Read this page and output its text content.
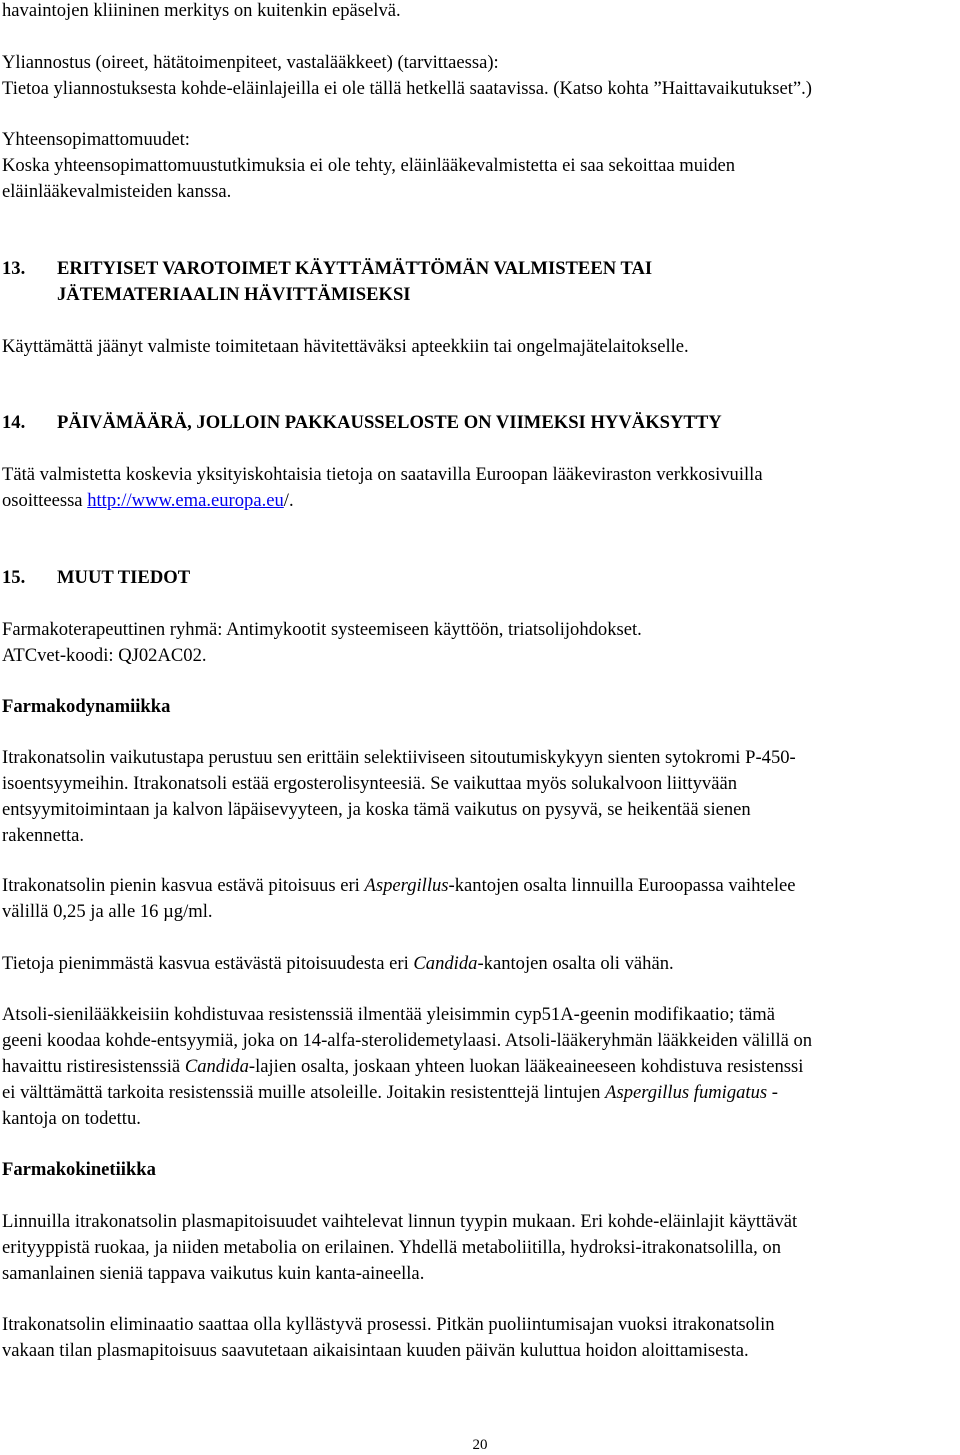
havaintojen kliininen merkitys on kuitenkin epäselvä.

Yliannostus (oireet, hätätoimenpiteet, vastalääkkeet) (tarvittaessa):

Tietoa yliannostuksesta kohde-eläinlajeilla ei ole tällä hetkellä saatavissa. (Katso kohta ”Haittavaikutukset”.)

Yhteensopimattomuudet:

Koska yhteensopimattomuustutkimuksia ei ole tehty, eläinlääkevalmistetta ei saa sekoittaa muiden

eläinlääkevalmisteiden kanssa.

13.	ERITYISET VAROTOIMET KÄYTTÄMÄTTÖMÄN VALMISTEEN TAI

JÄTEMATERIAALIN HÄVITTÄMISEKSI

Käyttämättä jäänyt valmiste toimitetaan hävitettäväksi apteekkiin tai ongelmajätelaitokselle.

14.	PÄIVÄMÄÄRÄ, JOLLOIN PAKKAUSSELOSTE ON VIIMEKSI HYVÄKSYTTY

Tätä valmistetta koskevia yksityiskohtaisia tietoja on saatavilla Euroopan lääkeviraston verkkosivuilla

osoitteessa http://www.ema.europa.eu/.

15.	MUUT TIEDOT

Farmakoterapeuttinen ryhmä: Antimykootit systeemiseen käyttöön, triatsolijohdokset.

ATCvet-koodi: QJ02AC02.

Farmakodynamiikka

Itrakonatsolin vaikutustapa perustuu sen erittäin selektiiviseen sitoutumiskykyyn sienten sytokromi P-450-

isoentsyymeihin. Itrakonatsoli estää ergosterolisynteesiä. Se vaikuttaa myös solukalvoon liittyvään

entsyymitoimintaan ja kalvon läpäisevyyteen, ja koska tämä vaikutus on pysyvä, se heikentää sienen

rakennetta.

Itrakonatsolin pienin kasvua estävä pitoisuus eri Aspergillus-kantojen osalta linnuilla Euroopassa vaihtelee

välillä 0,25 ja alle 16 µg/ml.

Tietoja pienimmästä kasvua estävästä pitoisuudesta eri Candida-kantojen osalta oli vähän.

Atsoli-sienilääkkeisiin kohdistuvaa resistenssiä ilmentää yleisimmin cyp51A-geenin modifikaatio; tämä

geeni koodaa kohde-entsyymiä, joka on 14-alfa-sterolidemetylaasi. Atsoli-lääkeryhmän lääkkeiden välillä on

havaittu ristiresistenssiä Candida-lajien osalta, joskaan yhteen luokan lääkeaineeseen kohdistuva resistenssi

ei välttämättä tarkoita resistenssiä muille atsoleille. Joitakin resistenttejä lintujen Aspergillus fumigatus -

kantoja on todettu.

Farmakokinetiikka

Linnuilla itrakonatsolin plasmapitoisuudet vaihtelevat linnun tyypin mukaan. Eri kohde-eläinlajit käyttävät

erityyppistä ruokaa, ja niiden metabolia on erilainen. Yhdellä metaboliitilla, hydroksi-itrakonatsolilla, on

samanlainen sieniä tappava vaikutus kuin kanta-aineella.

Itrakonatsolin eliminaatio saattaa olla kyllästyvä prosessi. Pitkän puoliintumisajan vuoksi itrakonatsolin

vakaan tilan plasmapitoisuus saavutetaan aikaisintaan kuuden päivän kuluttua hoidon aloittamisesta.

20
